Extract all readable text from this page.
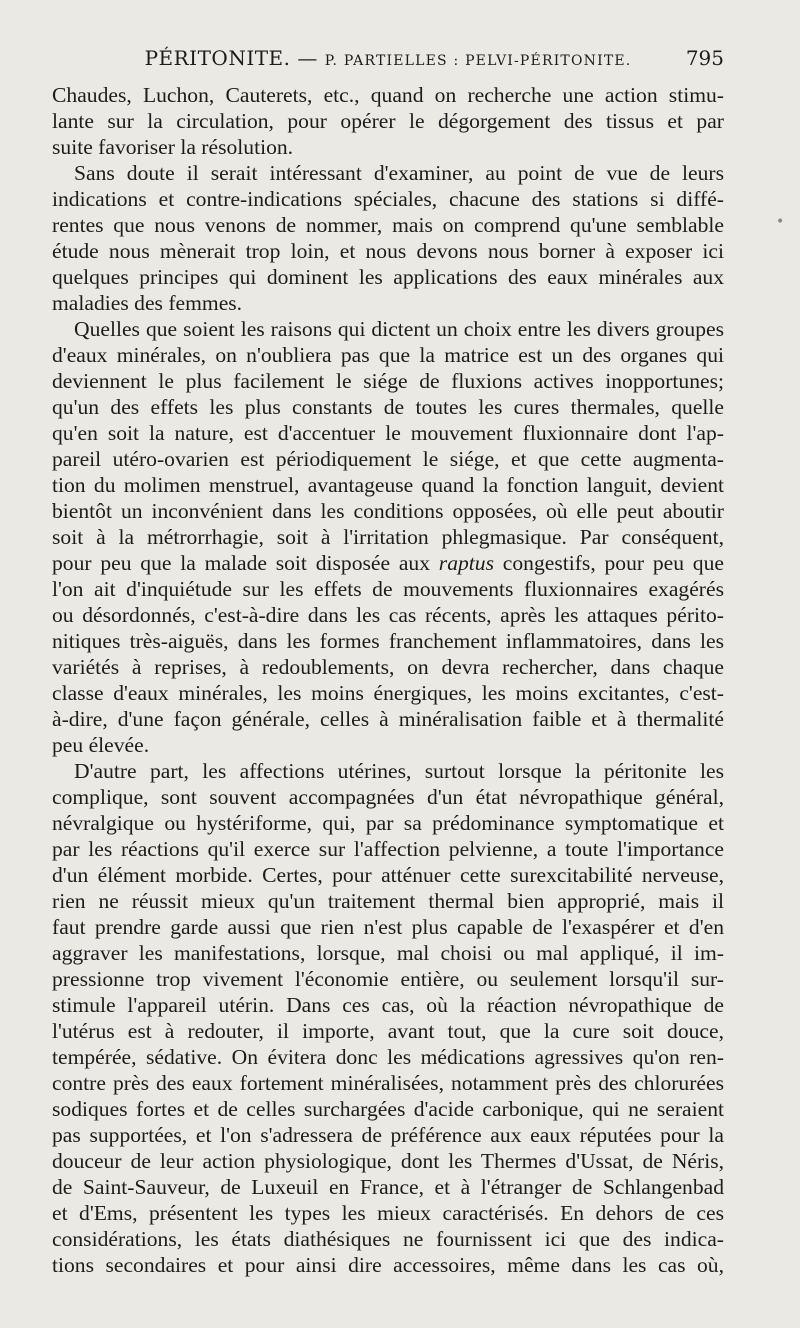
PÉRITONITE. — P. PARTIELLES : PELVI-PÉRITONITE.	795
•
Chaudes, Luchon, Cauterets, etc., quand on recherche une action stimu-
lante sur la circulation, pour opérer le dégorgement des tissus et par
suite favoriser la résolution.
Sans doute il serait intéressant d'examiner, au point de vue de leurs
indications et contre-indications spéciales, chacune des stations si diffé-
rentes que nous venons de nommer, mais on comprend qu'une semblable
étude nous mènerait trop loin, et nous devons nous borner à exposer ici
quelques principes qui dominent les applications des eaux minérales aux
maladies des femmes.
Quelles que soient les raisons qui dictent un choix entre les divers groupes
d'eaux minérales, on n'oubliera pas que la matrice est un des organes qui
deviennent le plus facilement le siége de fluxions actives inopportunes;
qu'un des effets les plus constants de toutes les cures thermales, quelle
qu'en soit la nature, est d'accentuer le mouvement fluxionnaire dont l'ap-
pareil utéro-ovarien est périodiquement le siége, et que cette augmenta-
tion du molimen menstruel, avantageuse quand la fonction languit, devient
bientôt un inconvénient dans les conditions opposées, où elle peut aboutir
soit à la métrorrhagie, soit à l'irritation phlegmasique. Par conséquent,
pour peu que la malade soit disposée aux raptus congestifs, pour peu que
l'on ait d'inquiétude sur les effets de mouvements fluxionnaires exagérés
ou désordonnés, c'est-à-dire dans les cas récents, après les attaques périto-
nitiques très-aiguës, dans les formes franchement inflammatoires, dans les
variétés à reprises, à redoublements, on devra rechercher, dans chaque
classe d'eaux minérales, les moins énergiques, les moins excitantes, c'est-
à-dire, d'une façon générale, celles à minéralisation faible et à thermalité
peu élevée.
D'autre part, les affections utérines, surtout lorsque la péritonite les
complique, sont souvent accompagnées d'un état névropathique général,
névralgique ou hystériforme, qui, par sa prédominance symptomatique et
par les réactions qu'il exerce sur l'affection pelvienne, a toute l'importance
d'un élément morbide. Certes, pour atténuer cette surexcitabilité nerveuse,
rien ne réussit mieux qu'un traitement thermal bien approprié, mais il
faut prendre garde aussi que rien n'est plus capable de l'exaspérer et d'en
aggraver les manifestations, lorsque, mal choisi ou mal appliqué, il im-
pressionne trop vivement l'économie entière, ou seulement lorsqu'il sur-
stimule l'appareil utérin. Dans ces cas, où la réaction névropathique de
l'utérus est à redouter, il importe, avant tout, que la cure soit douce,
tempérée, sédative. On évitera donc les médications agressives qu'on ren-
contre près des eaux fortement minéralisées, notamment près des chlorurées
sodiques fortes et de celles surchargées d'acide carbonique, qui ne seraient
pas supportées, et l'on s'adressera de préférence aux eaux réputées pour la
douceur de leur action physiologique, dont les Thermes d'Ussat, de Néris,
de Saint-Sauveur, de Luxeuil en France, et à l'étranger de Schlangenbad
et d'Ems, présentent les types les mieux caractérisés. En dehors de ces
considérations, les états diathésiques ne fournissent ici que des indica-
tions secondaires et pour ainsi dire accessoires, même dans les cas où,
